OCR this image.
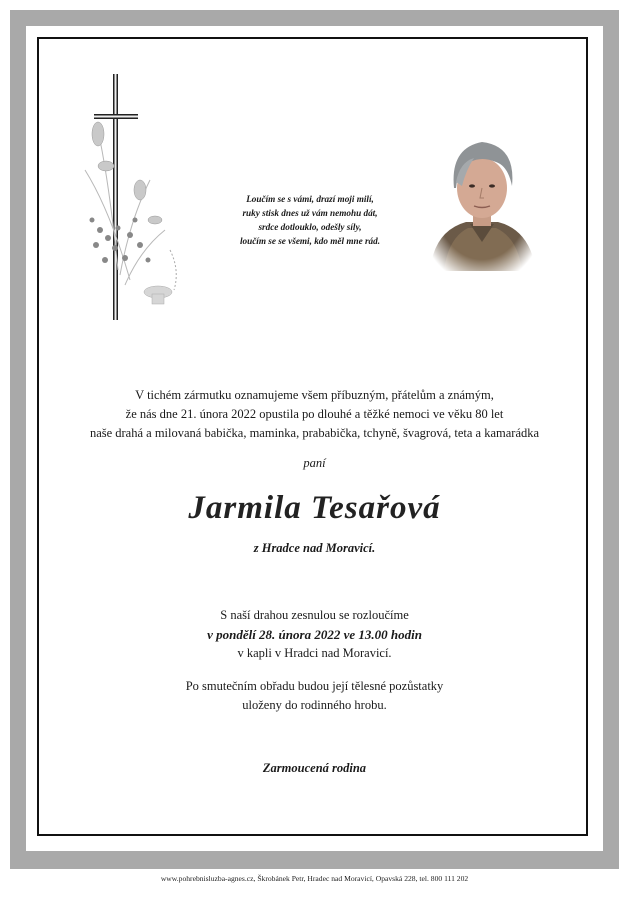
Loučím se s vámi, drazí moji milí,
ruky stisk dnes už vám nemohu dát,
srdce dotlouklo, odešly síly,
loučím se se všemi, kdo měl mne rád.
V tichém zármutku oznamujeme všem příbuzným, přátelům a známým,
že nás dne 21. února 2022 opustila po dlouhé a těžké nemoci ve věku 80 let
naše drahá a milovaná babička, maminka, prababička, tchyně, švagrová, teta a kamarádka
paní
Jarmila Tesařová
z Hradce nad Moravicí.
S naší drahou zesnulou se rozloučíme
v pondělí 28. února 2022 ve 13.00 hodin
v kapli v Hradci nad Moravicí.
Po smutečním obřadu budou její tělesné pozůstatky
uloženy do rodinného hrobu.
Zarmoucená rodina
www.pohrebnisluzba-agnes.cz, Škrobánek Petr, Hradec nad Moravicí, Opavská 228, tel. 800 111 202
